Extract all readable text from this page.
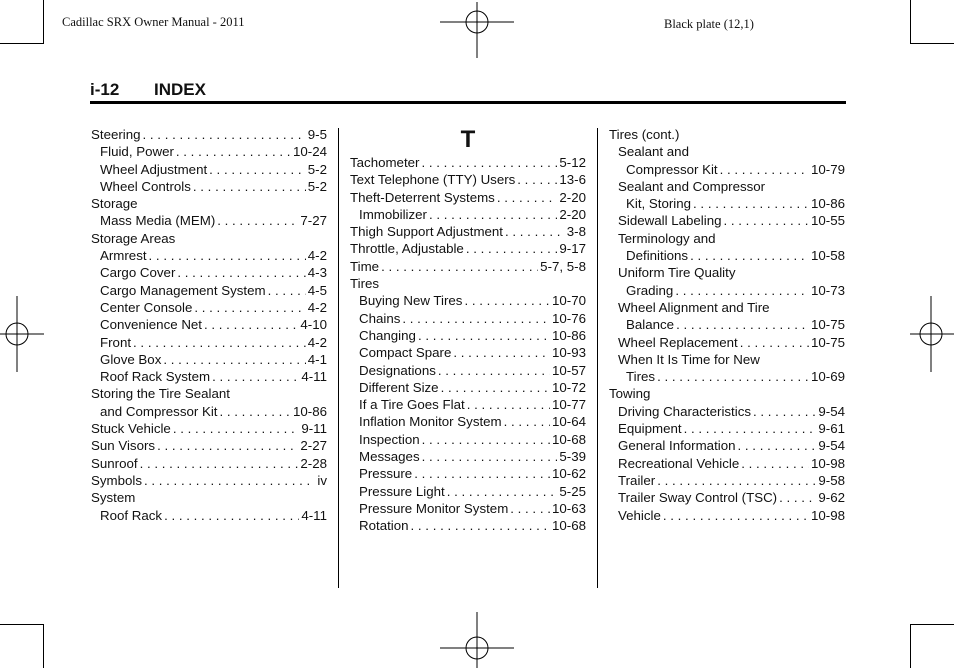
Cadillac SRX Owner Manual - 2011	Black plate (12,1)
i-12 INDEX
Steering . . .	9-5
Fluid, Power . . .	10-24
Wheel Adjustment . . .	5-2
Wheel Controls . . .	5-2
Storage
Mass Media (MEM) . . .	7-27
Storage Areas
Armrest . . .	4-2
Cargo Cover . . .	4-3
Cargo Management System . . .	4-5
Center Console . . .	4-2
Convenience Net . . .	4-10
Front . . .	4-2
Glove Box . . .	4-1
Roof Rack System . . .	4-11
Storing the Tire Sealant
and Compressor Kit . . .	10-86
Stuck Vehicle . . .	9-11
Sun Visors . . .	2-27
Sunroof . . .	2-28
Symbols . . .	iv
System
Roof Rack . . .	4-11
T
Tachometer . . .	5-12
Text Telephone (TTY) Users . . .	13-6
Theft-Deterrent Systems . . .	2-20
Immobilizer . . .	2-20
Thigh Support Adjustment . . .	3-8
Throttle, Adjustable . . .	9-17
Time . . .	5-7, 5-8
Tires
Buying New Tires . . .	10-70
Chains . . .	10-76
Changing . . .	10-86
Compact Spare . . .	10-93
Designations . . .	10-57
Different Size . . .	10-72
If a Tire Goes Flat . . .	10-77
Inflation Monitor System . . .	10-64
Inspection . . .	10-68
Messages . . .	5-39
Pressure . . .	10-62
Pressure Light . . .	5-25
Pressure Monitor System . . .	10-63
Rotation . . .	10-68
Tires (cont.)
Sealant and
Compressor Kit . . .	10-79
Sealant and Compressor
Kit, Storing . . .	10-86
Sidewall Labeling . . .	10-55
Terminology and
Definitions . . .	10-58
Uniform Tire Quality
Grading . . .	10-73
Wheel Alignment and Tire
Balance . . .	10-75
Wheel Replacement . . .	10-75
When It Is Time for New
Tires . . .	10-69
Towing
Driving Characteristics . . .	9-54
Equipment . . .	9-61
General Information . . .	9-54
Recreational Vehicle . . .	10-98
Trailer . . .	9-58
Trailer Sway Control (TSC) . . .	9-62
Vehicle . . .	10-98
